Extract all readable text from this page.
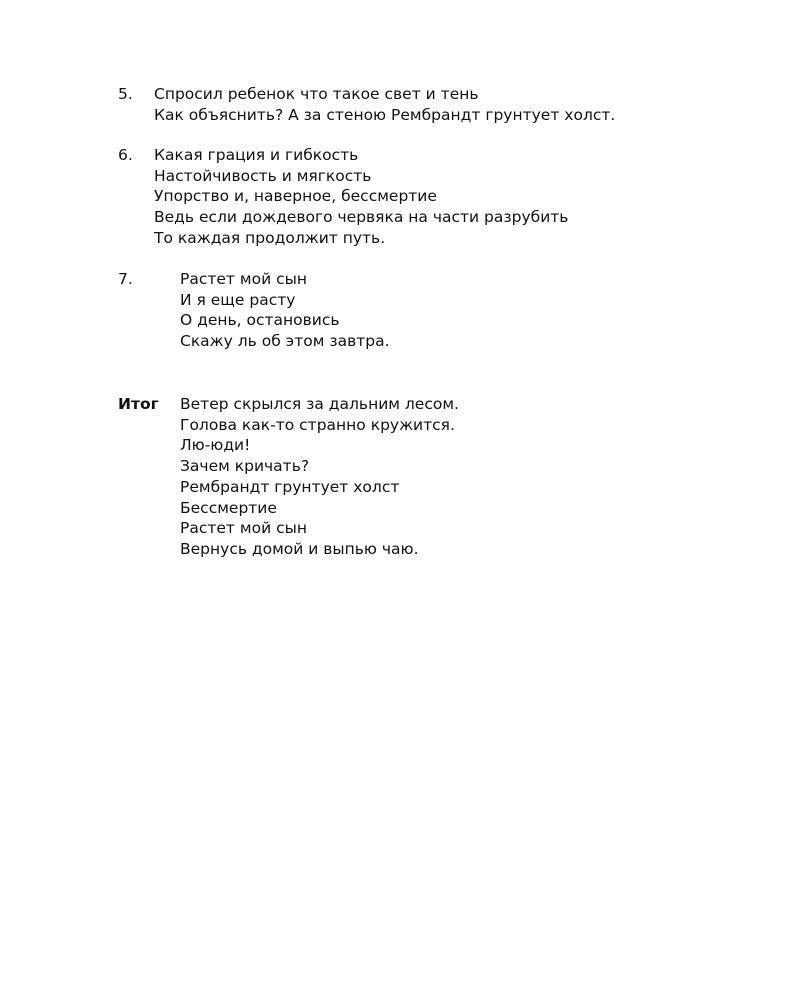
5.	Спросил ребенок что такое свет и тень
Как объяснить? А за стеною Рембрандт грунтует холст.
6.	Какая грация и гибкость
Настойчивость и мягкость
Упорство и, наверное, бессмертие
Ведь если дождевого червяка на части разрубить
То каждая продолжит путь.
7.	Растет мой сын
И я еще расту
О день, остановись
Скажу ль об этом завтра.
Итог	Ветер скрылся за дальним лесом.
Голова как-то странно кружится.
Лю-юди!
Зачем кричать?
Рембрандт грунтует холст
Бессмертие
Растет мой сын
Вернусь домой и выпью чаю.
